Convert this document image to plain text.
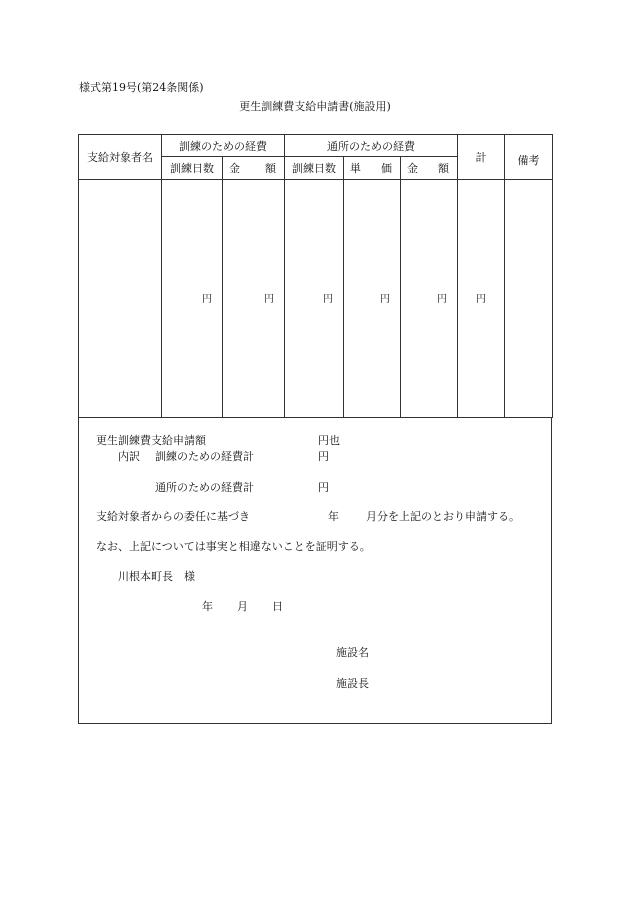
様式第19号(第24条関係)
更生訓練費支給申請書(施設用)
支給対象者名	訓練のための経費		通所のための経費			計	備考
	訓練日数	金 額	訓練日数	単 価	金 額		

	円	円	円	円	円	円	

更生訓練費支給申請額	円也
内訳 訓練のための経費計	円
通所のための経費計	円
支給対象者からの委任に基づき	年 月分を上記のとおり申請する。
なお、上記については事実と相違ないことを証明する。
川根本町長　様
年 月 日
施設名
施設長
